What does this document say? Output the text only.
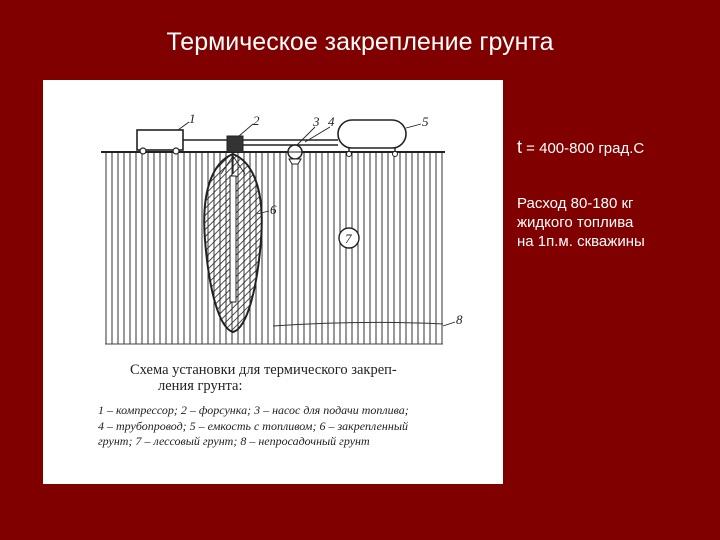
Термическое закрепление грунта
1	2	3 4	5
6
7
8
Схема установки для термического закреп-
ления грунта:
1 – компрессор; 2 – форсунка; 3 – насос для подачи топлива;
4 – трубопровод; 5 – емкость с топливом; 6 – закрепленный
грунт; 7 – лессовый грунт; 8 – непросадочный грунт
t = 400-800 град.С
Расход 80-180 кг
жидкого топлива
на 1п.м. скважины
